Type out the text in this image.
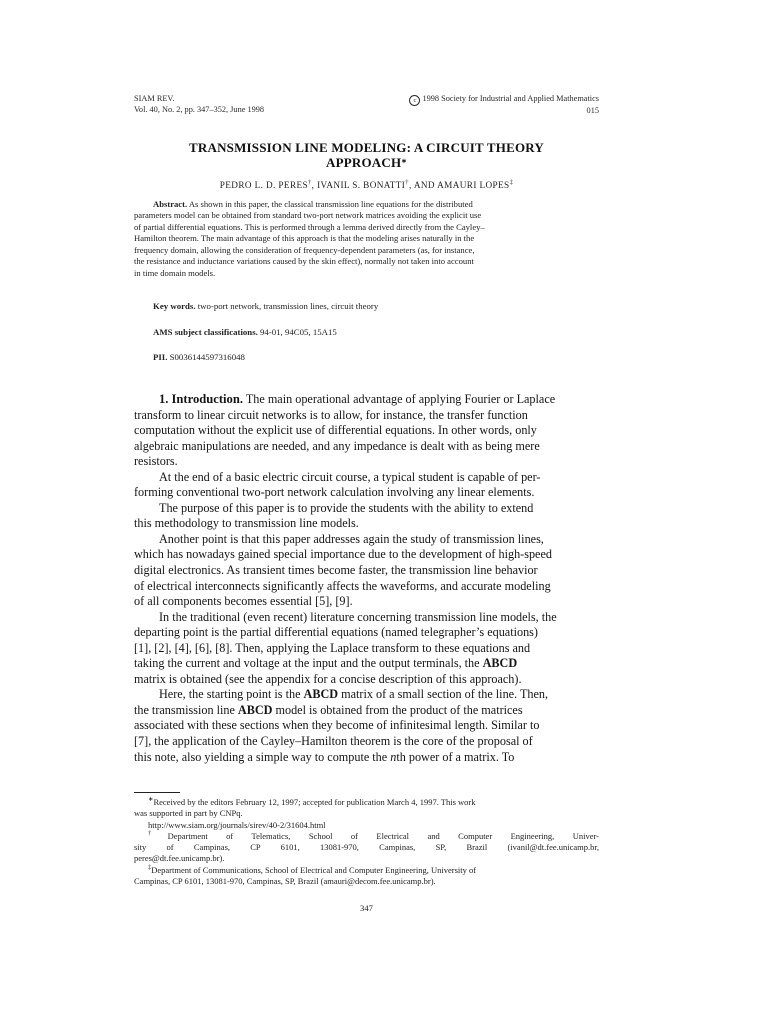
SIAM REV.
Vol. 40, No. 2, pp. 347–352, June 1998
c 1998 Society for Industrial and Applied Mathematics
015
TRANSMISSION LINE MODELING: A CIRCUIT THEORY
APPROACH∗

PEDRO L. D. PERES†, IVANIL S. BONATTI†, AND AMAURI LOPES‡

Abstract. As shown in this paper, the classical transmission line equations for the distributed
parameters model can be obtained from standard two-port network matrices avoiding the explicit use
of partial differential equations. This is performed through a lemma derived directly from the Cayley–
Hamilton theorem. The main advantage of this approach is that the modeling arises naturally in the
frequency domain, allowing the consideration of frequency-dependent parameters (as, for instance,
the resistance and inductance variations caused by the skin effect), normally not taken into account
in time domain models.

Key words. two-port network, transmission lines, circuit theory

AMS subject classifications. 94-01, 94C05, 15A15

PII. S0036144597316048

1. Introduction. The main operational advantage of applying Fourier or Laplace
transform to linear circuit networks is to allow, for instance, the transfer function
computation without the explicit use of differential equations. In other words, only
algebraic manipulations are needed, and any impedance is dealt with as being mere
resistors.
At the end of a basic electric circuit course, a typical student is capable of per-
forming conventional two-port network calculation involving any linear elements.
The purpose of this paper is to provide the students with the ability to extend
this methodology to transmission line models.
Another point is that this paper addresses again the study of transmission lines,
which has nowadays gained special importance due to the development of high-speed
digital electronics. As transient times become faster, the transmission line behavior
of electrical interconnects significantly affects the waveforms, and accurate modeling
of all components becomes essential [5], [9].
In the traditional (even recent) literature concerning transmission line models, the
departing point is the partial differential equations (named telegrapher’s equations)
[1], [2], [4], [6], [8]. Then, applying the Laplace transform to these equations and
taking the current and voltage at the input and the output terminals, the ABCD
matrix is obtained (see the appendix for a concise description of this approach).
Here, the starting point is the ABCD matrix of a small section of the line. Then,
the transmission line ABCD model is obtained from the product of the matrices
associated with these sections when they become of infinitesimal length. Similar to
[7], the application of the Cayley–Hamilton theorem is the core of the proposal of
this note, also yielding a simple way to compute the nth power of a matrix. To
∗Received by the editors February 12, 1997; accepted for publication March 4, 1997. This work
was supported in part by CNPq.
http://www.siam.org/journals/sirev/40-2/31604.html
†Department of Telematics, School of Electrical and Computer Engineering, Univer-
sity of Campinas, CP 6101, 13081-970, Campinas, SP, Brazil (ivanil@dt.fee.unicamp.br,
peres@dt.fee.unicamp.br).
‡Department of Communications, School of Electrical and Computer Engineering, University of
Campinas, CP 6101, 13081-970, Campinas, SP, Brazil (amauri@decom.fee.unicamp.br).

347
